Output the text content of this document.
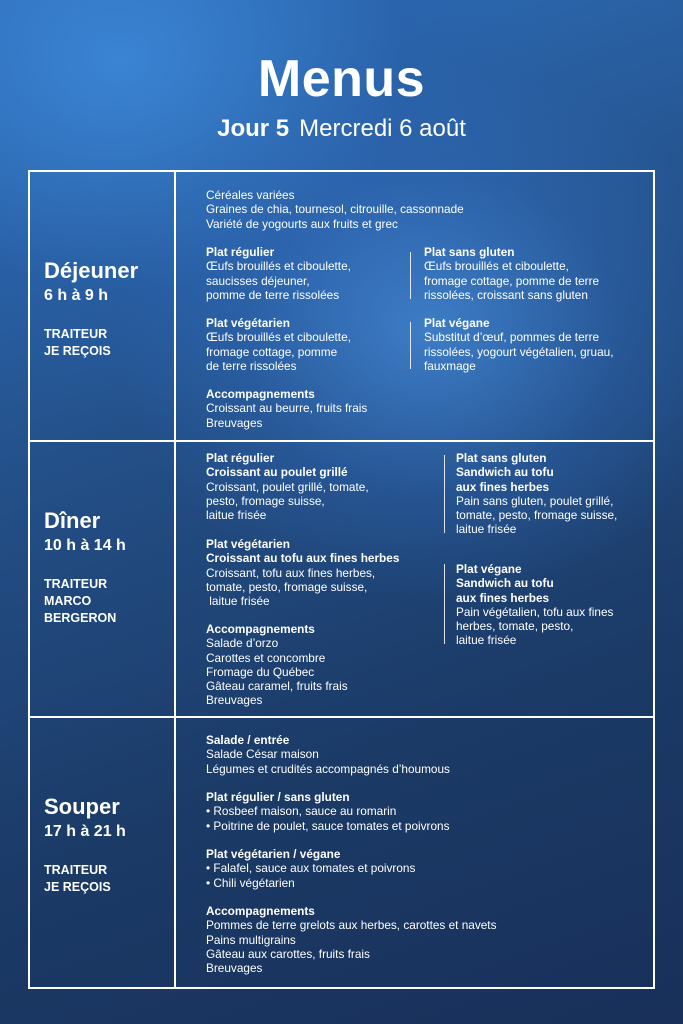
Menus
Jour 5 Mercredi 6 août
Déjeuner
6 h à 9 h
TRAITEUR
JE REÇOIS
Céréales variées
Graines de chia, tournesol, citrouille, cassonnade
Variété de yogourts aux fruits et grec
Plat régulier
Œufs brouillés et ciboulette,
saucisses déjeuner,
pomme de terre rissolées
Plat sans gluten
Œufs brouillés et ciboulette,
fromage cottage, pomme de terre
rissolées, croissant sans gluten
Plat végétarien
Œufs brouillés et ciboulette,
fromage cottage, pomme
de terre rissolées
Plat végane
Substitut d’œuf, pommes de terre
rissolées, yogourt végétalien, gruau,
fauxmage
Accompagnements
Croissant au beurre, fruits frais
Breuvages
Dîner
10 h à 14 h
TRAITEUR
MARCO
BERGERON
Plat régulier
Croissant au poulet grillé
Croissant, poulet grillé, tomate,
pesto, fromage suisse,
laitue frisée
Plat végétarien
Croissant au tofu aux fines herbes
Croissant, tofu aux fines herbes,
tomate, pesto, fromage suisse,
laitue frisée
Accompagnements
Salade d’orzo
Carottes et concombre
Fromage du Québec
Gâteau caramel, fruits frais
Breuvages
Plat sans gluten
Sandwich au tofu
aux fines herbes
Pain sans gluten, poulet grillé,
tomate, pesto, fromage suisse,
laitue frisée
Plat végane
Sandwich au tofu
aux fines herbes
Pain végétalien, tofu aux fines
herbes, tomate, pesto,
laitue frisée
Souper
17 h à 21 h
TRAITEUR
JE REÇOIS
Salade / entrée
Salade César maison
Légumes et crudités accompagnés d’houmous
Plat régulier / sans gluten
• Rosbeef maison, sauce au romarin
• Poitrine de poulet, sauce tomates et poivrons
Plat végétarien / végane
• Falafel, sauce aux tomates et poivrons
• Chili végétarien
Accompagnements
Pommes de terre grelots aux herbes, carottes et navets
Pains multigrains
Gâteau aux carottes, fruits frais
Breuvages
